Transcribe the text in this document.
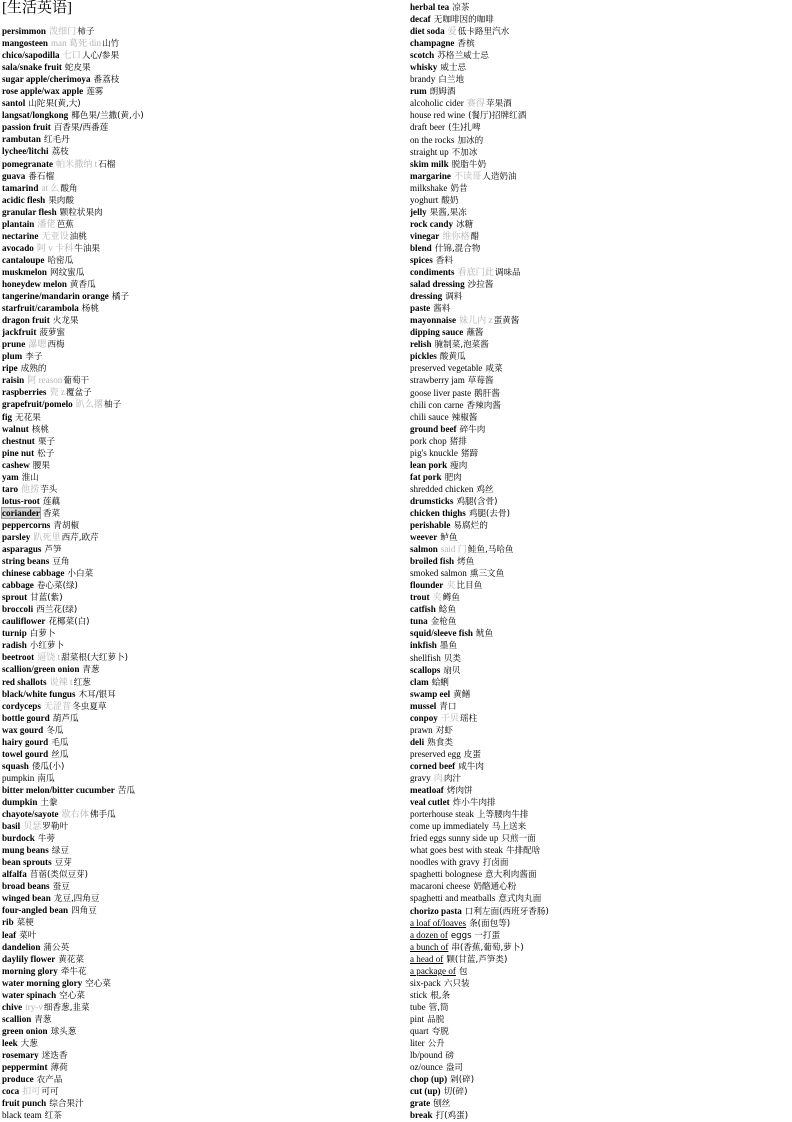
[生活英语]
persimmon 泼细门柿子
mangosteen man 葛死 din山竹
chico/sapodilla 七口人心/参果
sala/snake fruit 蛇皮果
sugar apple/cherimoya 番荔枝
rose apple/wax apple 莲雾
santol 山陀果(黄,大)
langsat/longkong 椰色果/兰撒(黄,小)
passion fruit 百香果/西番莲
rambutan 红毛丹
lychee/litchi 荔枝
pomegranate 帕米撒纳 t石榴
guava 番石榴
tamarind at 么酸角
acidic flesh 果肉酸
granular flesh 颗粒状果肉
plantain 潘佬芭蕉
nectarine 无亚设油桃
avocado 阿 v 卡科牛油果
cantaloupe 哈密瓜
muskmelon 网纹蜜瓜
honeydew melon 黄香瓜
tangerine/mandarin orange 橘子
starfruit/carambola 杨桃
dragon fruit 火龙果
jackfruit 菠萝蜜
prune 瀑嗯西梅
plum 李子
ripe 成熟的
raisin 阿 reason葡萄干
raspberries 瓷 z覆盆子
grapefruit/pomelo 趴么撂柚子
fig 无花果
walnut 核桃
chestnut 栗子
pine nut 松子
cashew 腰果
yam 淮山
taro 他捞芋头
lotus-root 莲藕
coriander 香菜
peppercorns 青胡椒
parsley 趴死里西芹,欧芹
asparagus 芦笋
string beans 豆角
chinese cabbage 小白菜
cabbage 卷心菜(绿)
sprout 甘蓝(紫)
broccoli 西兰花(绿)
cauliflower 花椰菜(白)
turnip 白萝卜
radish 小红萝卜
beetroot 逼饶 t甜菜根(大红萝卜)
scallion/green onion 青葱
red shallots 说辣 t红葱
black/white fungus 木耳/银耳
cordyceps 无涩普冬虫夏草
bottle gourd 葫芦瓜
wax gourd 冬瓜
hairy gourd 毛瓜
towel gourd 丝瓜
squash 倭瓜(小)
pumpkin 南瓜
bitter melon/bitter cucumber 苦瓜
dumpkin 土豢
chayote/sayote 歇右体佛手瓜
basil 贝瑟罗勒叶
burdock 牛蒡
mung beans 绿豆
bean sprouts 豆芽
alfalfa 苜蓿(类似豆芽)
broad beans 蚕豆
winged bean 龙豆,四角豆
four-angled bean 四角豆
rib 菜梗
leaf 菜叶
dandelion 蒲公英
daylily flower 黄花菜
morning glory 牵牛花
water morning glory 空心菜
water spinach 空心菜
chive try-v细香葱,韭菜
scallion 青葱
green onion 球头葱
leek 大葱
rosemary 迷迭香
peppermint 薄荷
produce 农产品
coca 扣可可可
fruit punch 综合果汁
black team 红茶
herbal tea 凉茶
decaf 无咖啡因的咖啡
diet soda 爱低卡路里汽水
champagne 香槟
scotch 苏格兰威士忌
whisky 威士忌
brandy 白兰地
rum 朗姆酒
alcoholic cider 赛得苹果酒
house red wine (餐厅)招牌红酒
draft beer (生)扎啤
on the rocks 加冰的
straight up 不加冰
skim milk 脱脂牛奶
margarine 不读哥人造奶油
milkshake 奶昔
yoghurt 酸奶
jelly 果酱,果冻
rock candy 冰糖
vinegar 维你格醋
blend 什锦,混合物
spices 香料
condiments 看底门此调味品
salad dressing 沙拉酱
dressing 调料
paste 酱料
mayonnaise 妹儿内 z蛋黄酱
dipping sauce 蘸酱
relish 腌制菜,泡菜酱
pickles 酸黄瓜
preserved vegetable 咸菜
strawberry jam 草莓酱
goose liver paste 鹅肝酱
chili con carne 香辣肉酱
chili sauce 辣椒酱
ground beef 碎牛肉
pork chop 猪排
pig's knuckle 猪蹄
lean pork 瘦肉
fat pork 肥肉
shredded chicken 鸡丝
drumsticks 鸡腿(含骨)
chicken thighs 鸡腿(去骨)
perishable 易腐烂的
weever 鲈鱼
salmon said 门鲑鱼,马哈鱼
broiled fish 烤鱼
smoked salmon 熏三文鱼
flounder 夹比目鱼
trout 夹鳟鱼
catfish 鲶鱼
tuna 金枪鱼
squid/sleeve fish 鱿鱼
inkfish 墨鱼
shellfish 贝类
scallops 扇贝
clam 蛤蜊
swamp eel 黄鳝
mussel 青口
conpoy 干贝瑶柱
prawn 对虾
deli 熟食类
preserved egg 皮蛋
corned beef 咸牛肉
gravy 肉肉汁
meatloaf 烤肉饼
veal cutlet 炸小牛肉排
porterhouse steak 上等腰肉牛排
come up immediately 马上送来
fried eggs sunny side up 只煎一面
what goes best with steak 牛排配啥
noodles with gravy 打卤面
spaghetti bolognese 意大利肉酱面
macaroni cheese 奶酪通心粉
spaghetti and meatballs 意式肉丸面
chorizo pasta 口利左面(西班牙香肠)
a loaf of/loaves 条(面包等)
a dozen of eggs 一打蛋
a bunch of 串(香蕉,葡萄,萝卜)
a head of 颗(甘蓝,芦笋类)
a package of 包
six-pack 六只装
stick 根,条
tube 管,筒
pint 品脱
quart 夸脱
liter 公升
lb/pound 磅
oz/ounce 盎司
chop (up) 剁(碎)
cut (up) 切(碎)
grate 刨丝
break 打(鸡蛋)
